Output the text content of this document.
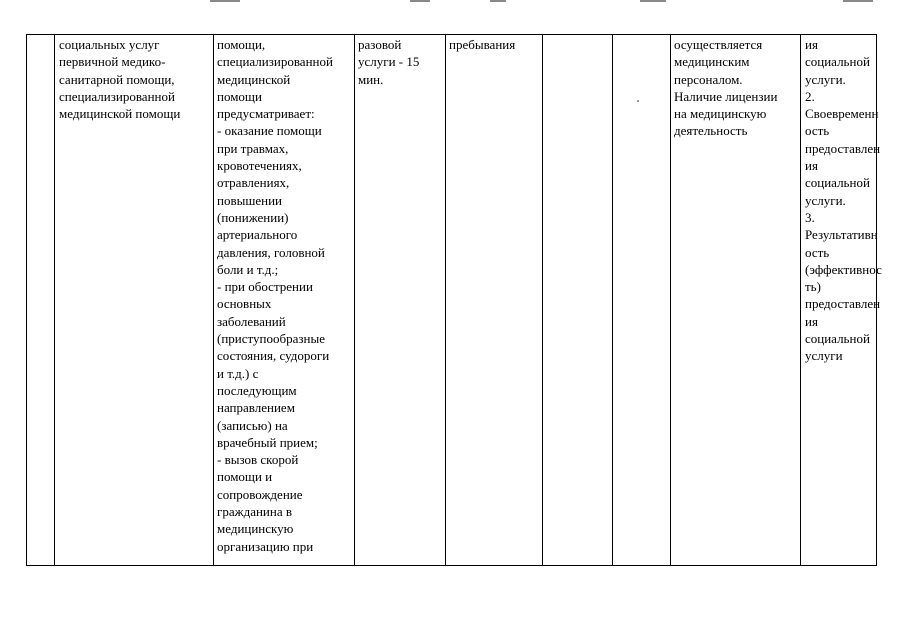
социальных услуг
первичной медико-
санитарной помощи,
специализированной
медицинской помощи
помощи,
специализированной
медицинской
помощи
предусматривает:
- оказание помощи
при травмах,
кровотечениях,
отравлениях,
повышении
(понижении)
артериального
давления, головной
боли и т.д.;
- при обострении
основных
заболеваний
(приступообразные
состояния, судороги
и т.д.) с
последующим
направлением
(записью) на
врачебный прием;
- вызов скорой
помощи и
сопровождение
гражданина в
медицинскую
организацию при
разовой
услуги - 15
мин.
пребывания	осуществляется
медицинским
персоналом.
Наличие лицензии
на медицинскую
деятельность
ия
социальной
услуги.
2.
Своевременн
ость
предоставлен
ия
социальной
услуги.
3.
Результативн
ость
(эффективнос
ть)
предоставлен
ия
социальной
услуги
